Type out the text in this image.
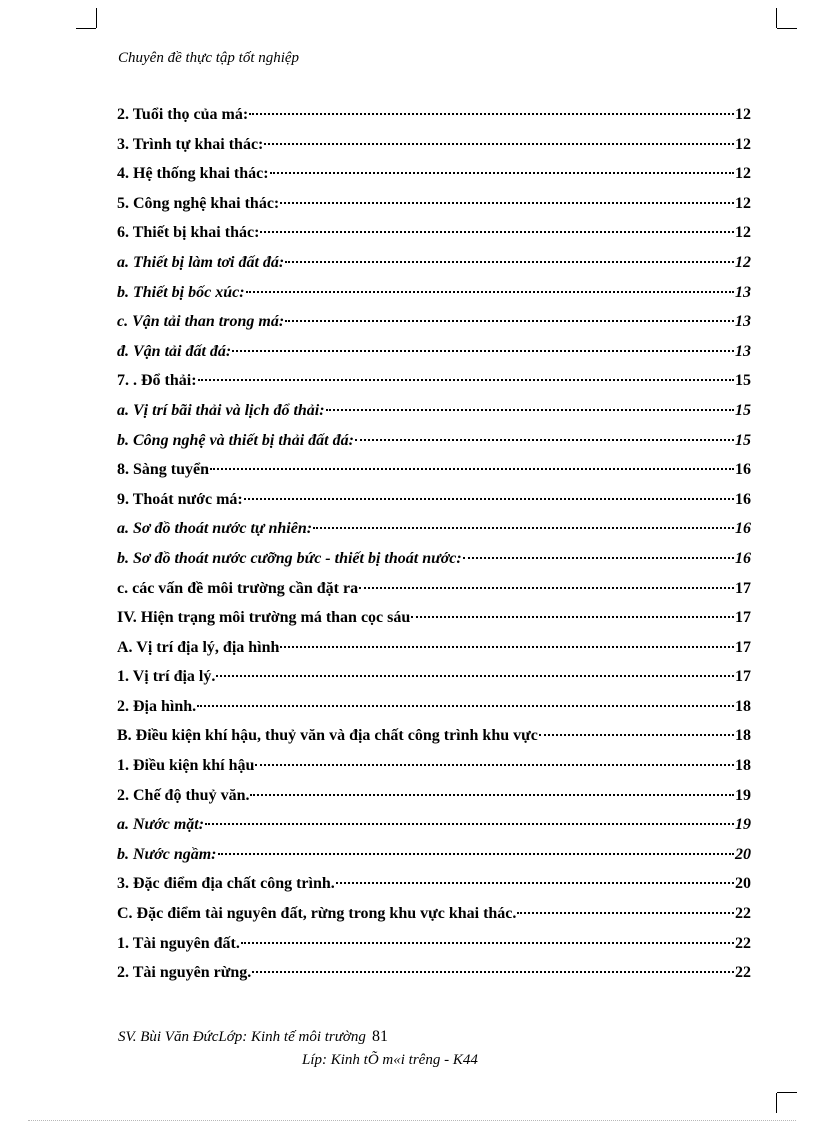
Chuyên đề thực tập tốt nghiệp
2. Tuổi thọ của má:	12
3. Trình tự khai thác:	12
4. Hệ thống khai thác:	12
5. Công nghệ khai thác:	12
6. Thiết bị khai thác:	12
a. Thiết bị làm tơi đất đá:	12
b. Thiết bị bốc xúc:	13
c. Vận tải than trong má:	13
đ. Vận tải đất đá:	13
7. . Đổ thải:	15
a. Vị trí bãi thải và lịch đổ thải:	15
b. Công nghệ và thiết bị thải đất đá:	15
8. Sàng tuyển	16
9. Thoát nước má:	16
a. Sơ đồ thoát nước tự nhiên:	16
b. Sơ đồ thoát nước cưỡng bức - thiết bị thoát nước:	16
c. các vấn đề môi trường cần đặt ra	17
IV. Hiện trạng môi trường má than cọc sáu	17
A. Vị trí địa lý, địa hình	17
1. Vị trí địa lý.	17
2. Địa hình.	18
B. Điều kiện khí hậu, thuỷ văn và địa chất công trình khu vực	18
1. Điều kiện khí hậu	18
2. Chế độ thuỷ văn.	19
a. Nước mặt:	19
b. Nước ngầm:	20
3. Đặc điểm địa chất công trình.	20
C. Đặc điểm tài nguyên đất, rừng trong khu vực khai thác.	22
1. Tài nguyên đất.	22
2. Tài nguyên rừng.	22
SV. Bùi Văn ĐứcLớp: Kinh tế môi trường 81
Líp: Kinh tÕ m«i trêng - K44
